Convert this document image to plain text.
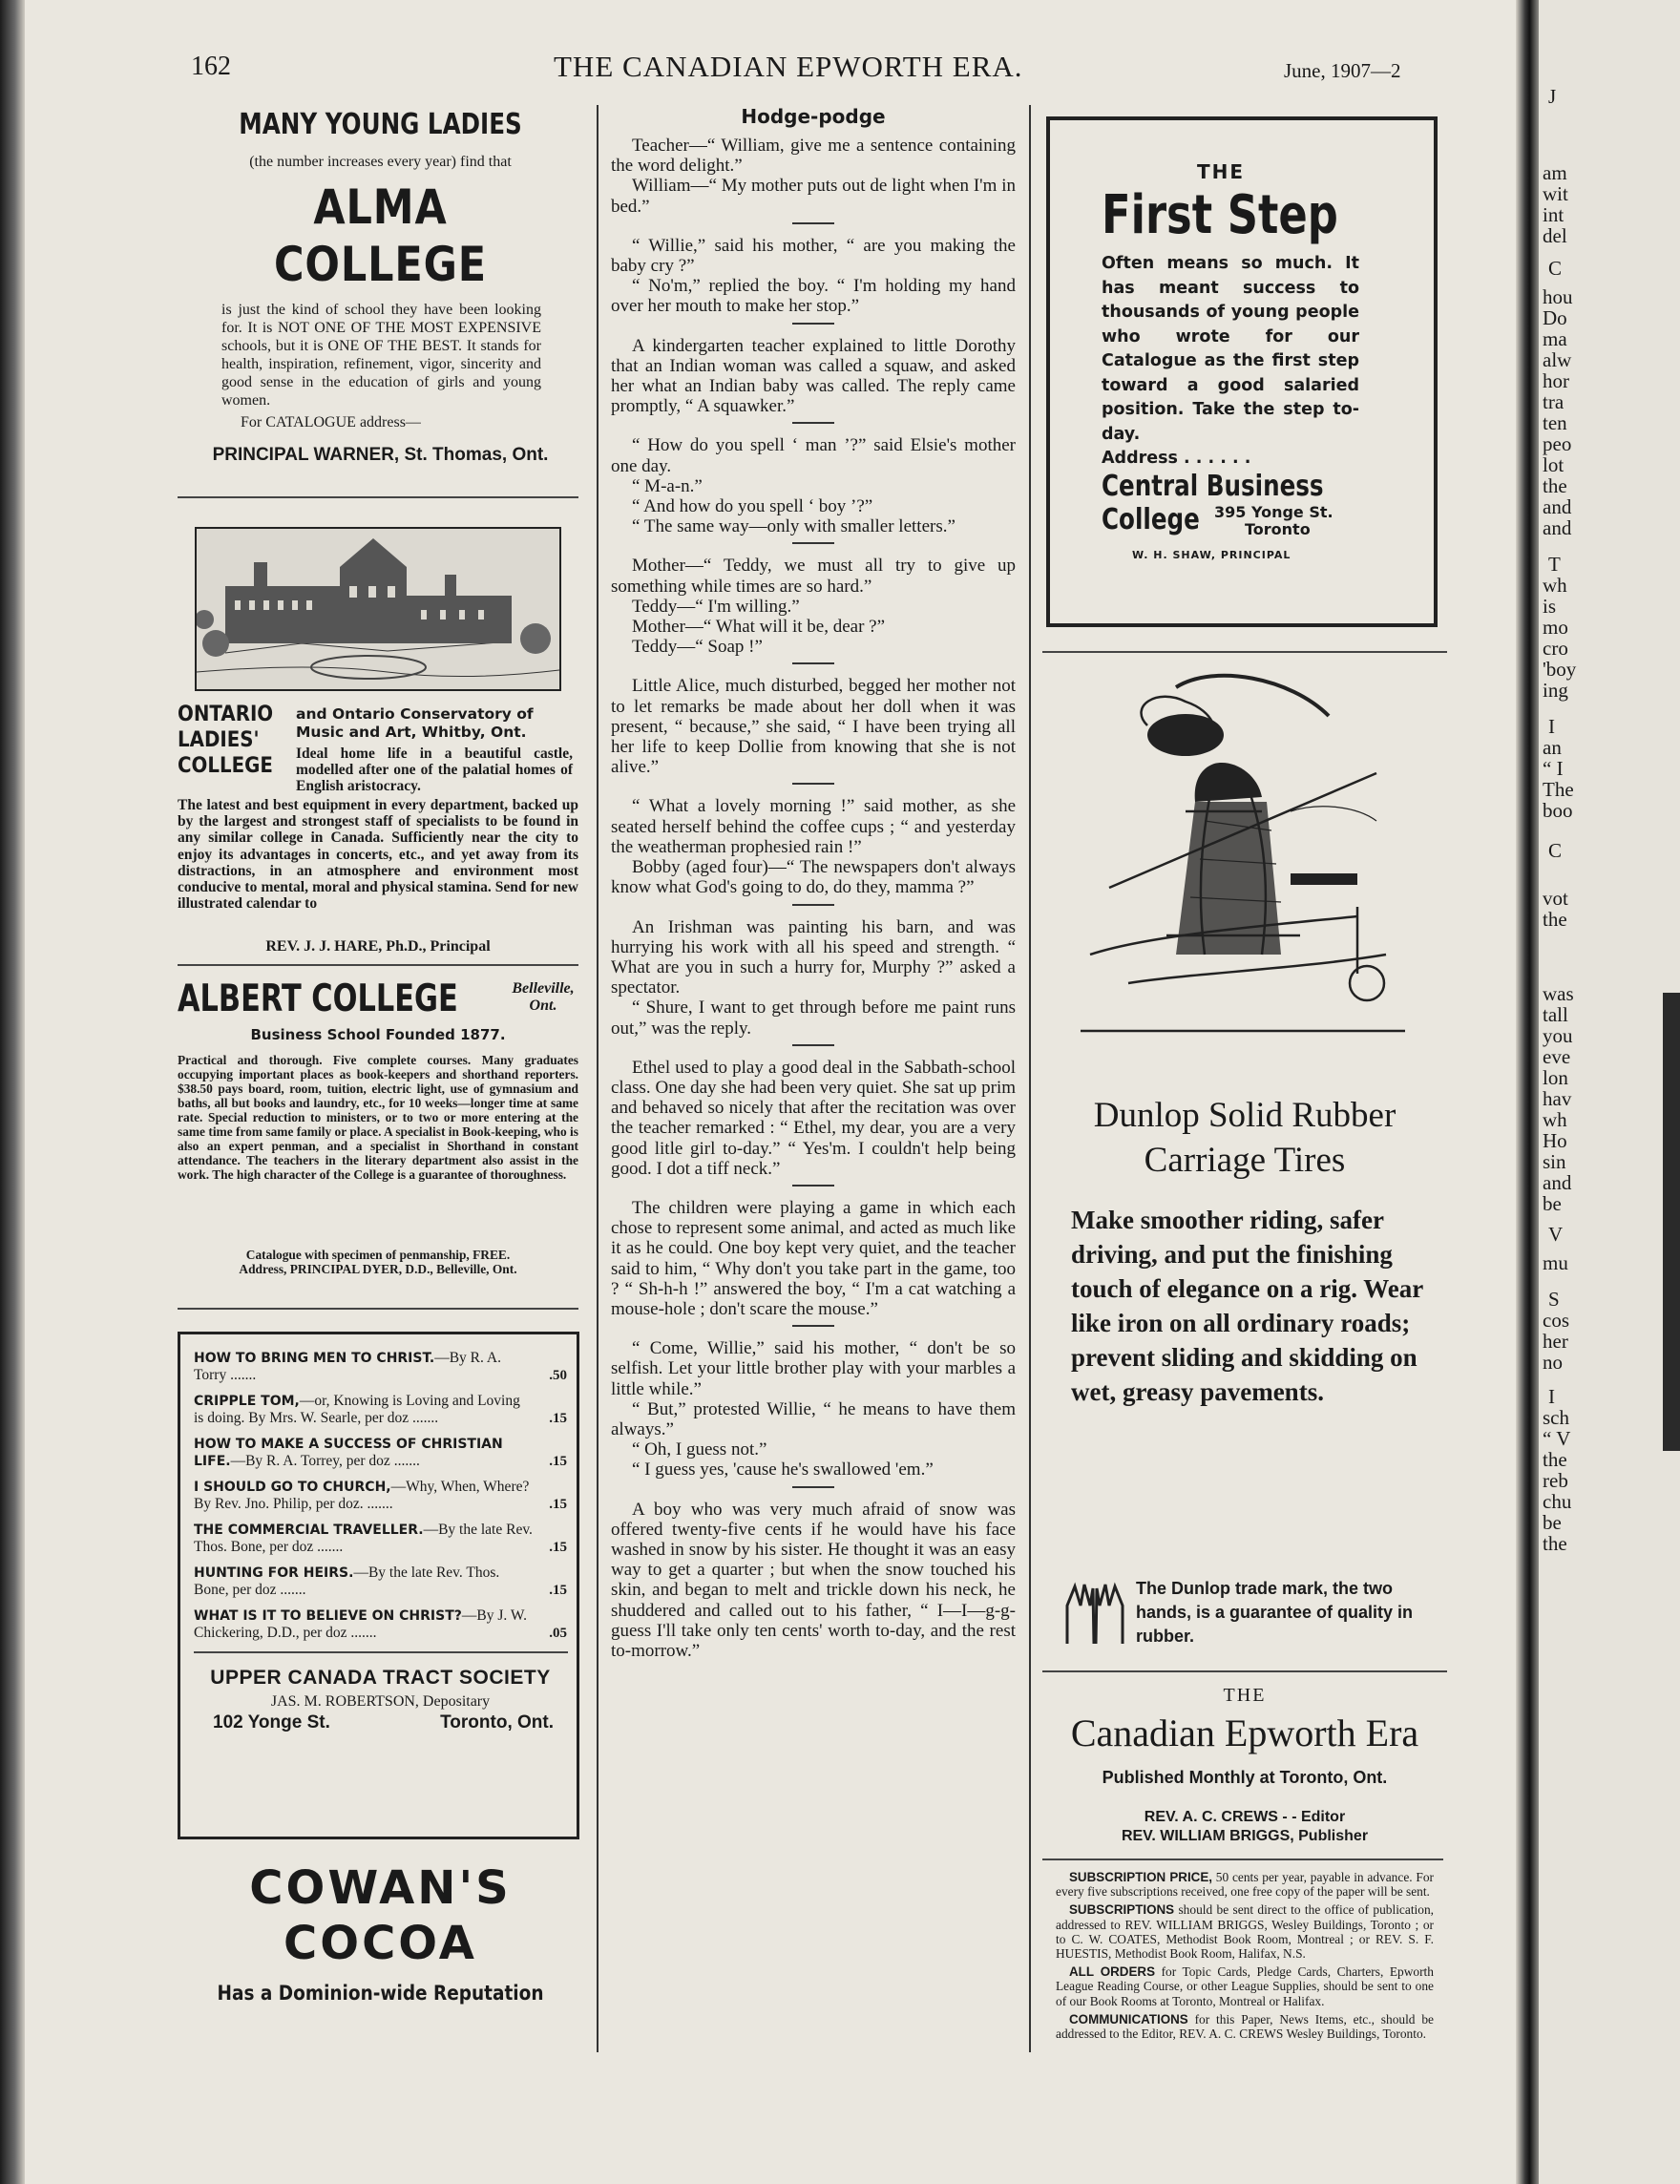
162	THE CANADIAN EPWORTH ERA.	June, 1907—2
MANY YOUNG LADIES
(the number increases every year) find that
ALMA COLLEGE
is just the kind of school they have been looking for. It is NOT ONE OF THE MOST EXPENSIVE schools, but it is ONE OF THE BEST. It stands for health, inspiration, refinement, vigor, sincerity and good sense in the education of girls and young women.
For CATALOGUE address—
PRINCIPAL WARNER, St. Thomas, Ont.
ONTARIO LADIES' COLLEGE
and Ontario Conservatory of Music and Art, Whitby, Ont.
Ideal home life in a beautiful castle, modelled after one of the palatial homes of English aristocracy.
The latest and best equipment in every department, backed up by the largest and strongest staff of specialists to be found in any similar college in Canada. Sufficiently near the city to enjoy its advantages in concerts, etc., and yet away from its distractions, in an atmosphere and environment most conducive to mental, moral and physical stamina. Send for new illustrated calendar to
REV. J. J. HARE, Ph.D., Principal
ALBERT COLLEGE	Belleville, Ont.
Business School Founded 1877.
Practical and thorough. Five complete courses. Many graduates occupying important places as book-keepers and shorthand reporters. $38.50 pays board, room, tuition, electric light, use of gymnasium and baths, all but books and laundry, etc., for 10 weeks—longer time at same rate. Special reduction to ministers, or to two or more entering at the same time from same family or place. A specialist in Book-keeping, who is also an expert penman, and a specialist in Shorthand in constant attendance. The teachers in the literary department also assist in the work. The high character of the College is a guarantee of thoroughness.
Catalogue with specimen of penmanship, FREE.
Address, PRINCIPAL DYER, D.D., Belleville, Ont.
HOW TO BRING MEN TO CHRIST.—By R. A. Torry .......	.50
CRIPPLE TOM,—or, Knowing is Loving and Loving is doing. By Mrs. W. Searle, per doz .......	.15
HOW TO MAKE A SUCCESS OF CHRISTIAN LIFE.—By R. A. Torrey, per doz .......	.15
I SHOULD GO TO CHURCH,—Why, When, Where? By Rev. Jno. Philip, per doz. .......	.15
THE COMMERCIAL TRAVELLER.—By the late Rev. Thos. Bone, per doz .......	.15
HUNTING FOR HEIRS.—By the late Rev. Thos. Bone, per doz .......	.15
WHAT IS IT TO BELIEVE ON CHRIST?—By J. W. Chickering, D.D., per doz .......	.05
UPPER CANADA TRACT SOCIETY
JAS. M. ROBERTSON, Depositary
102 Yonge St.	Toronto, Ont.
COWAN'S
COCOA
Has a Dominion-wide Reputation
Hodge-podge

Teacher—“ William, give me a sentence containing the word delight.”

William—“ My mother puts out de light when I'm in bed.”

“ Willie,” said his mother, “ are you making the baby cry ?”

“ No'm,” replied the boy. “ I'm holding my hand over her mouth to make her stop.”

A kindergarten teacher explained to little Dorothy that an Indian woman was called a squaw, and asked her what an Indian baby was called. The reply came promptly, “ A squawker.”

“ How do you spell ‘ man ’?” said Elsie's mother one day.

“ M-a-n.”

“ And how do you spell ‘ boy ’?”

“ The same way—only with smaller letters.”

Mother—“ Teddy, we must all try to give up something while times are so hard.”

Teddy—“ I'm willing.”

Mother—“ What will it be, dear ?”

Teddy—“ Soap !”

Little Alice, much disturbed, begged her mother not to let remarks be made about her doll when it was present, “ because,” she said, “ I have been trying all her life to keep Dollie from knowing that she is not alive.”

“ What a lovely morning !” said mother, as she seated herself behind the coffee cups ; “ and yesterday the weatherman prophesied rain !”

Bobby (aged four)—“ The newspapers don't always know what God's going to do, do they, mamma ?”

An Irishman was painting his barn, and was hurrying his work with all his speed and strength. “ What are you in such a hurry for, Murphy ?” asked a spectator.

“ Shure, I want to get through before me paint runs out,” was the reply.

Ethel used to play a good deal in the Sabbath-school class. One day she had been very quiet. She sat up prim and behaved so nicely that after the recitation was over the teacher remarked : “ Ethel, my dear, you are a very good litle girl to-day.” “ Yes'm. I couldn't help being good. I dot a tiff neck.”

The children were playing a game in which each chose to represent some animal, and acted as much like it as he could. One boy kept very quiet, and the teacher said to him, “ Why don't you take part in the game, too ? “ Sh-h-h !” answered the boy, “ I'm a cat watching a mouse-hole ; don't scare the mouse.”

“ Come, Willie,” said his mother, “ don't be so selfish. Let your little brother play with your marbles a little while.”

“ But,” protested Willie, “ he means to have them always.”

“ Oh, I guess not.”

“ I guess yes, 'cause he's swallowed 'em.”

A boy who was very much afraid of snow was offered twenty-five cents if he would have his face washed in snow by his sister. He thought it was an easy way to get a quarter ; but when the snow touched his skin, and began to melt and trickle down his neck, he shuddered and called out to his father, “ I—I—g-g-guess I'll take only ten cents' worth to-day, and the rest to-morrow.”

THE
First Step
Often means so much. It has meant success to thousands of young people who wrote for our Catalogue as the first step toward a good salaried position. Take the step to-day.
Address . . . . . .
Central Business
College 395 Yonge St.
Toronto
W. H. SHAW, PRINCIPAL
Dunlop Solid Rubber
Carriage Tires
Make smoother riding, safer driving, and put the finishing touch of elegance on a rig. Wear like iron on all ordinary roads; prevent sliding and skidding on wet, greasy pavements.
The Dunlop trade mark, the two hands, is a guarantee of quality in rubber.
THE
Canadian Epworth Era
Published Monthly at Toronto, Ont.
REV. A. C. CREWS - - Editor
REV. WILLIAM BRIGGS, Publisher

SUBSCRIPTION PRICE, 50 cents per year, payable in advance. For every five subscriptions received, one free copy of the paper will be sent.

SUBSCRIPTIONS should be sent direct to the office of publication, addressed to REV. WILLIAM BRIGGS, Wesley Buildings, Toronto ; or to C. W. COATES, Methodist Book Room, Montreal ; or REV. S. F. HUESTIS, Methodist Book Room, Halifax, N.S.

ALL ORDERS for Topic Cards, Pledge Cards, Charters, Epworth League Reading Course, or other League Supplies, should be sent to one of our Book Rooms at Toronto, Montreal or Halifax.

COMMUNICATIONS for this Paper, News Items, etc., should be addressed to the Editor, REV. A. C. CREWS Wesley Buildings, Toronto.

J
am
wit
int
del
C
hou
Do
ma
alw
hor
tra
ten
peo
lot
the
and
and
T
wh
is
mo
cro
'boy
ing
I
an
“ I
The
boo
C
vot
the
was
tall
you
eve
lon
hav
wh
Ho
sin
and
be
V
mu
S
cos
her
no
I
sch
“ V
the
reb
chu
be
the
